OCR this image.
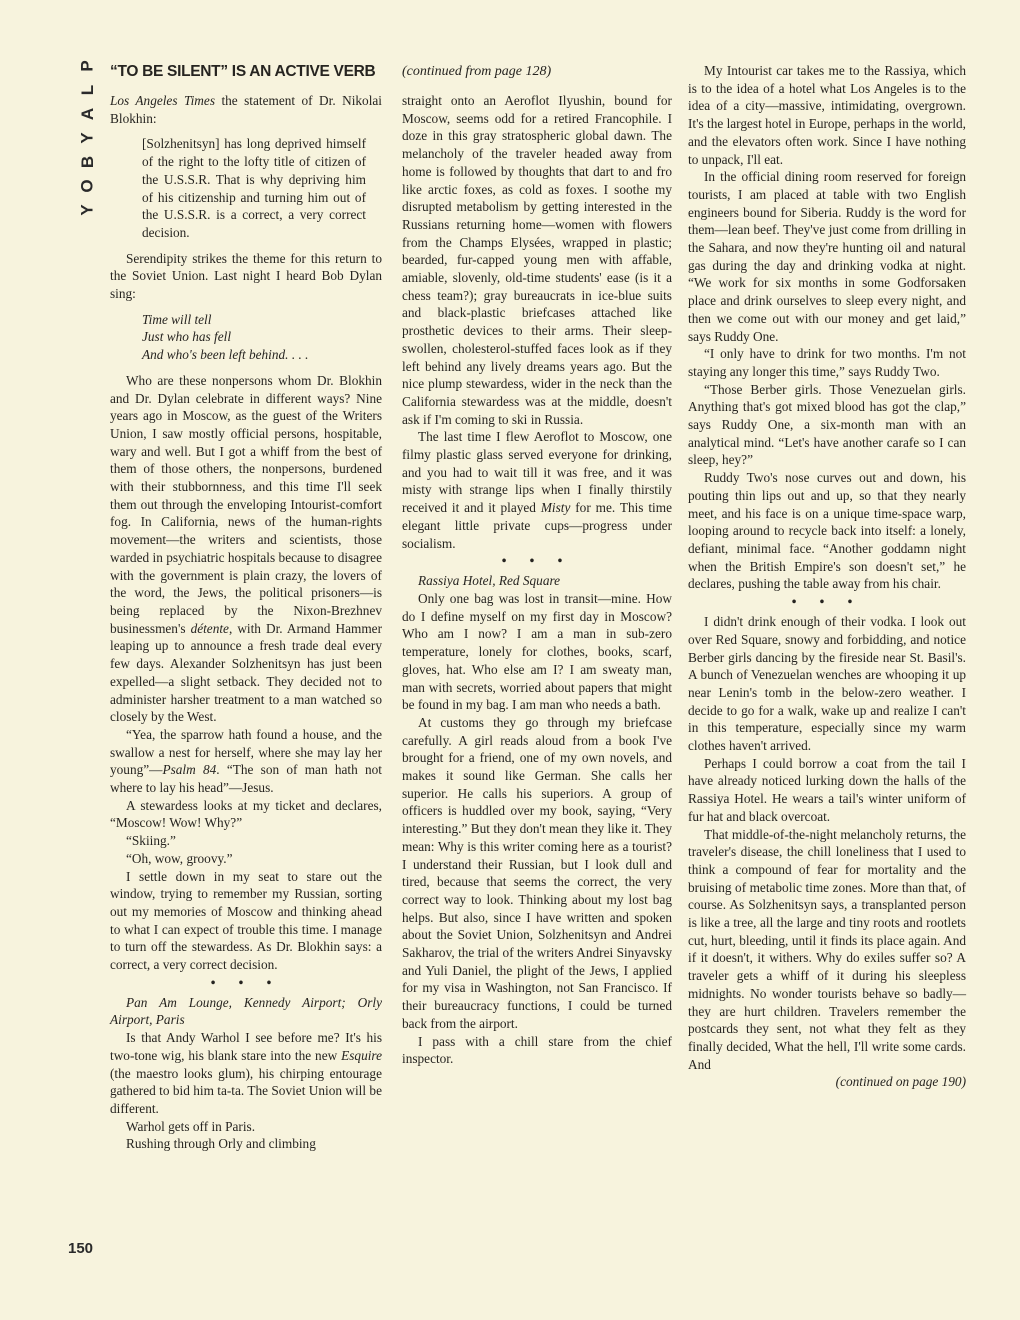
P
L
A
Y
B
O
Y
150
“TO BE SILENT” IS AN ACTIVE VERB

Los Angeles Times the statement of Dr. Nikolai Blokhin:

[Solzhenitsyn] has long deprived himself of the right to the lofty title of citizen of the U.S.S.R. That is why depriving him of his citizenship and turning him out of the U.S.S.R. is a correct, a very correct decision.

Serendipity strikes the theme for this return to the Soviet Union. Last night I heard Bob Dylan sing:

Time will tell
Just who has fell
And who's been left behind. . . .

Who are these nonpersons whom Dr. Blokhin and Dr. Dylan celebrate in different ways? Nine years ago in Moscow, as the guest of the Writers Union, I saw mostly official persons, hospitable, wary and well. But I got a whiff from the best of them of those others, the nonpersons, burdened with their stubbornness, and this time I'll seek them out through the enveloping Intourist-comfort fog. In California, news of the human-rights movement—the writers and scientists, those warded in psychiatric hospitals because to disagree with the government is plain crazy, the lovers of the word, the Jews, the political prisoners—is being replaced by the Nixon-Brezhnev businessmen's détente, with Dr. Armand Hammer leaping up to announce a fresh trade deal every few days. Alexander Solzhenitsyn has just been expelled—a slight setback. They decided not to administer harsher treatment to a man watched so closely by the West.

“Yea, the sparrow hath found a house, and the swallow a nest for herself, where she may lay her young”—Psalm 84. “The son of man hath not where to lay his head”—Jesus.

A stewardess looks at my ticket and declares, “Moscow! Wow! Why?”

“Skiing.”

“Oh, wow, groovy.”

I settle down in my seat to stare out the window, trying to remember my Russian, sorting out my memories of Moscow and thinking ahead to what I can expect of trouble this time. I manage to turn off the stewardess. As Dr. Blokhin says: a correct, a very correct decision.

• • •

Pan Am Lounge, Kennedy Airport; Orly Airport, Paris

Is that Andy Warhol I see before me? It's his two-tone wig, his blank stare into the new Esquire (the maestro looks glum), his chirping entourage gathered to bid him ta-ta. The Soviet Union will be different.

Warhol gets off in Paris.

Rushing through Orly and climbing

(continued from page 128)

straight onto an Aeroflot Ilyushin, bound for Moscow, seems odd for a retired Francophile. I doze in this gray stratospheric global dawn. The melancholy of the traveler headed away from home is followed by thoughts that dart to and fro like arctic foxes, as cold as foxes. I soothe my disrupted metabolism by getting interested in the Russians returning home—women with flowers from the Champs Elysées, wrapped in plastic; bearded, fur-capped young men with affable, amiable, slovenly, old-time students' ease (is it a chess team?); gray bureaucrats in ice-blue suits and black-plastic briefcases attached like prosthetic devices to their arms. Their sleep-swollen, cholesterol-stuffed faces look as if they left behind any lively dreams years ago. But the nice plump stewardess, wider in the neck than the California stewardess was at the middle, doesn't ask if I'm coming to ski in Russia.

The last time I flew Aeroflot to Moscow, one filmy plastic glass served everyone for drinking, and you had to wait till it was free, and it was misty with strange lips when I finally thirstily received it and it played Misty for me. This time elegant little private cups—progress under socialism.

• • •

Rassiya Hotel, Red Square

Only one bag was lost in transit—mine. How do I define myself on my first day in Moscow? Who am I now? I am a man in sub-zero temperature, lonely for clothes, books, scarf, gloves, hat. Who else am I? I am sweaty man, man with secrets, worried about papers that might be found in my bag. I am man who needs a bath.

At customs they go through my briefcase carefully. A girl reads aloud from a book I've brought for a friend, one of my own novels, and makes it sound like German. She calls her superior. He calls his superiors. A group of officers is huddled over my book, saying, “Very interesting.” But they don't mean they like it. They mean: Why is this writer coming here as a tourist? I understand their Russian, but I look dull and tired, because that seems the correct, the very correct way to look. Thinking about my lost bag helps. But also, since I have written and spoken about the Soviet Union, Solzhenitsyn and Andrei Sakharov, the trial of the writers Andrei Sinyavsky and Yuli Daniel, the plight of the Jews, I applied for my visa in Washington, not San Francisco. If their bureaucracy functions, I could be turned back from the airport.

I pass with a chill stare from the chief inspector.

My Intourist car takes me to the Rassiya, which is to the idea of a hotel what Los Angeles is to the idea of a city—massive, intimidating, overgrown. It's the largest hotel in Europe, perhaps in the world, and the elevators often work. Since I have nothing to unpack, I'll eat.

In the official dining room reserved for foreign tourists, I am placed at table with two English engineers bound for Siberia. Ruddy is the word for them—lean beef. They've just come from drilling in the Sahara, and now they're hunting oil and natural gas during the day and drinking vodka at night. “We work for six months in some Godforsaken place and drink ourselves to sleep every night, and then we come out with our money and get laid,” says Ruddy One.

“I only have to drink for two months. I'm not staying any longer this time,” says Ruddy Two.

“Those Berber girls. Those Venezuelan girls. Anything that's got mixed blood has got the clap,” says Ruddy One, a six-month man with an analytical mind. “Let's have another carafe so I can sleep, hey?”

Ruddy Two's nose curves out and down, his pouting thin lips out and up, so that they nearly meet, and his face is on a unique time-space warp, looping around to recycle back into itself: a lonely, defiant, minimal face. “Another goddamn night when the British Empire's son doesn't set,” he declares, pushing the table away from his chair.

• • •

I didn't drink enough of their vodka. I look out over Red Square, snowy and forbidding, and notice Berber girls dancing by the fireside near St. Basil's. A bunch of Venezuelan wenches are whooping it up near Lenin's tomb in the below-zero weather. I decide to go for a walk, wake up and realize I can't in this temperature, especially since my warm clothes haven't arrived.

Perhaps I could borrow a coat from the tail I have already noticed lurking down the halls of the Rassiya Hotel. He wears a tail's winter uniform of fur hat and black overcoat.

That middle-of-the-night melancholy returns, the traveler's disease, the chill loneliness that I used to think a compound of fear for mortality and the bruising of metabolic time zones. More than that, of course. As Solzhenitsyn says, a transplanted person is like a tree, all the large and tiny roots and rootlets cut, hurt, bleeding, until it finds its place again. And if it doesn't, it withers. Why do exiles suffer so? A traveler gets a whiff of it during his sleepless midnights. No wonder tourists behave so badly—they are hurt children. Travelers remember the postcards they sent, not what they felt as they finally decided, What the hell, I'll write some cards. And

(continued on page 190)
